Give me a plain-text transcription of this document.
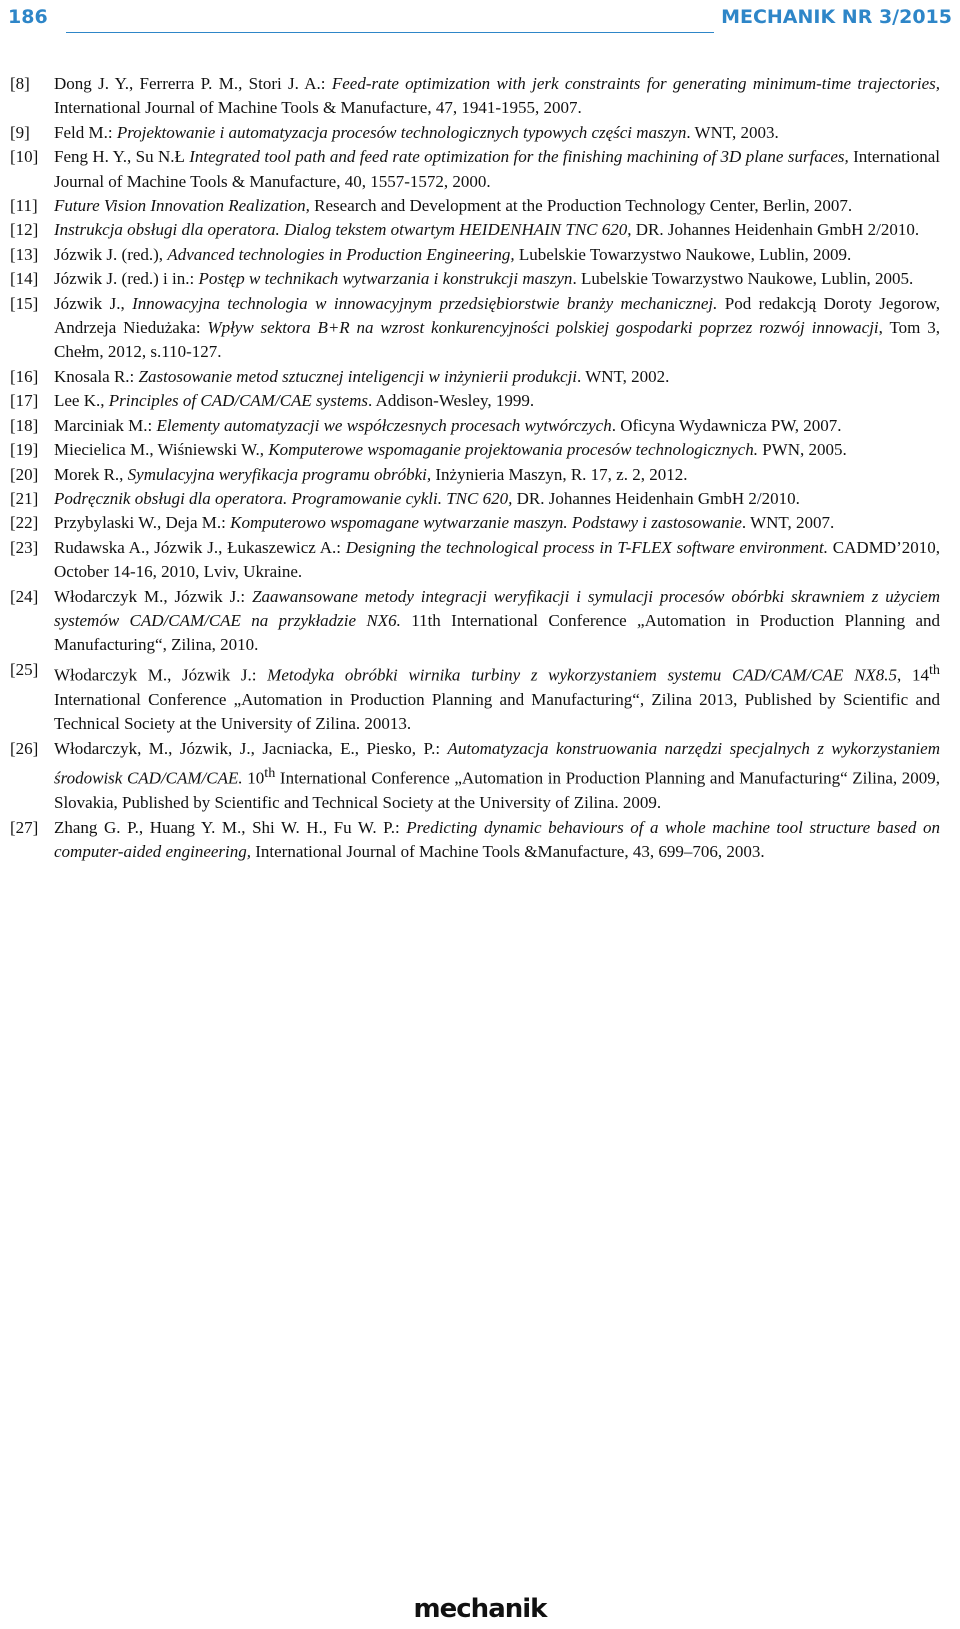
186	MECHANIK NR 3/2015
[8]	Dong J. Y., Ferrerra P. M., Stori J. A.: Feed-rate optimization with jerk constraints for generating minimum-time trajectories, International Journal of Machine Tools & Manufacture, 47, 1941-1955, 2007.
[9]	Feld M.: Projektowanie i automatyzacja procesów technologicznych typowych części maszyn. WNT, 2003.
[10] Feng H. Y., Su N.Ł Integrated tool path and feed rate optimization for the finishing machining of 3D plane surfaces, International Journal of Machine Tools & Manufacture, 40, 1557-1572, 2000.
[11] Future Vision Innovation Realization, Research and Development at the Production Technology Center, Berlin, 2007.
[12] Instrukcja obsługi dla operatora. Dialog tekstem otwartym HEIDENHAIN TNC 620, DR. Johannes Heidenhain GmbH 2/2010.
[13] Józwik J. (red.), Advanced technologies in Production Engineering, Lubelskie Towarzystwo Naukowe, Lublin, 2009.
[14] Józwik J. (red.) i in.: Postęp w technikach wytwarzania i konstrukcji maszyn. Lubelskie Towarzystwo Naukowe, Lublin, 2005.
[15] Józwik J., Innowacyjna technologia w innowacyjnym przedsiębiorstwie branży mechanicznej. Pod redakcją Doroty Jegorow, Andrzeja Niedużaka: Wpływ sektora B+R na wzrost konkurencyjności polskiej gospodarki poprzez rozwój innowacji, Tom 3, Chełm, 2012, s.110-127.
[16] Knosala R.: Zastosowanie metod sztucznej inteligencji w inżynierii produkcji. WNT, 2002.
[17] Lee K., Principles of CAD/CAM/CAE systems. Addison-Wesley, 1999.
[18] Marciniak M.: Elementy automatyzacji we współczesnych procesach wytwórczych. Oficyna Wydawnicza PW, 2007.
[19] Miecielica M., Wiśniewski W., Komputerowe wspomaganie projektowania procesów technologicznych. PWN, 2005.
[20] Morek R., Symulacyjna weryfikacja programu obróbki, Inżynieria Maszyn, R. 17, z. 2, 2012.
[21] Podręcznik obsługi dla operatora. Programowanie cykli. TNC 620, DR. Johannes Heidenhain GmbH 2/2010.
[22] Przybylaski W., Deja M.: Komputerowo wspomagane wytwarzanie maszyn. Podstawy i zastosowanie. WNT, 2007.
[23] Rudawska A., Józwik J., Łukaszewicz A.: Designing the technological process in T-FLEX software environment. CADMD’2010, October 14-16, 2010, Lviv, Ukraine.
[24] Włodarczyk M., Józwik J.: Zaawansowane metody integracji weryfikacji i symulacji procesów obórbki skrawniem z użyciem systemów CAD/CAM/CAE na przykładzie NX6. 11th International Conference „Automation in Production Planning and Manufacturing“, Zilina, 2010.
[25] Włodarczyk M., Józwik J.: Metodyka obróbki wirnika turbiny z wykorzystaniem systemu CAD/CAM/CAE NX8.5, 14th International Conference „Automation in Production Planning and Manufacturing“, Zilina 2013, Published by Scientific and Technical Society at the University of Zilina. 20013.
[26] Włodarczyk, M., Józwik, J., Jacniacka, E., Piesko, P.: Automatyzacja konstruowania narzędzi specjalnych z wykorzystaniem środowisk CAD/CAM/CAE. 10th International Conference „Automation in Production Planning and Manufacturing“ Zilina, 2009, Slovakia, Published by Scientific and Technical Society at the University of Zilina. 2009.
[27] Zhang G. P., Huang Y. M., Shi W. H., Fu W. P.: Predicting dynamic behaviours of a whole machine tool structure based on computer-aided engineering, International Journal of Machine Tools &Manufacture, 43, 699–706, 2003.
mechanik
